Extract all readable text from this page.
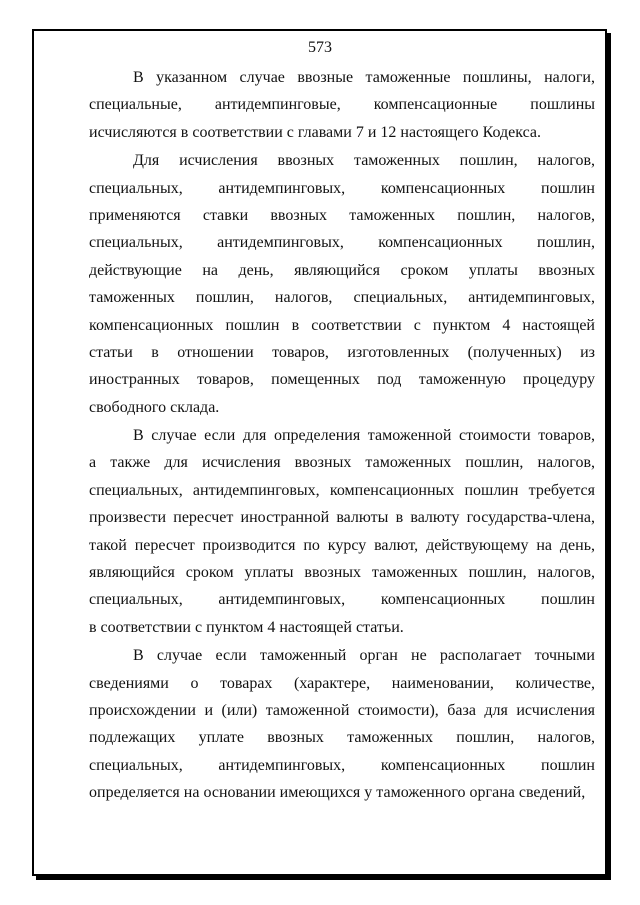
573
В указанном случае ввозные таможенные пошлины, налоги,
специальные, антидемпинговые, компенсационные пошлины
исчисляются в соответствии с главами 7 и 12 настоящего Кодекса.
Для исчисления ввозных таможенных пошлин, налогов,
специальных, антидемпинговых, компенсационных пошлин
применяются ставки ввозных таможенных пошлин, налогов,
специальных, антидемпинговых, компенсационных пошлин,
действующие на день, являющийся сроком уплаты ввозных
таможенных пошлин, налогов, специальных, антидемпинговых,
компенсационных пошлин в соответствии с пунктом 4 настоящей
статьи в отношении товаров, изготовленных (полученных) из
иностранных товаров, помещенных под таможенную процедуру
свободного склада.
В случае если для определения таможенной стоимости товаров,
а также для исчисления ввозных таможенных пошлин, налогов,
специальных, антидемпинговых, компенсационных пошлин требуется
произвести пересчет иностранной валюты в валюту государства-члена,
такой пересчет производится по курсу валют, действующему на день,
являющийся сроком уплаты ввозных таможенных пошлин, налогов,
специальных, антидемпинговых, компенсационных пошлин
в соответствии с пунктом 4 настоящей статьи.
В случае если таможенный орган не располагает точными
сведениями о товарах (характере, наименовании, количестве,
происхождении и (или) таможенной стоимости), база для исчисления
подлежащих уплате ввозных таможенных пошлин, налогов,
специальных, антидемпинговых, компенсационных пошлин
определяется на основании имеющихся у таможенного органа сведений,
